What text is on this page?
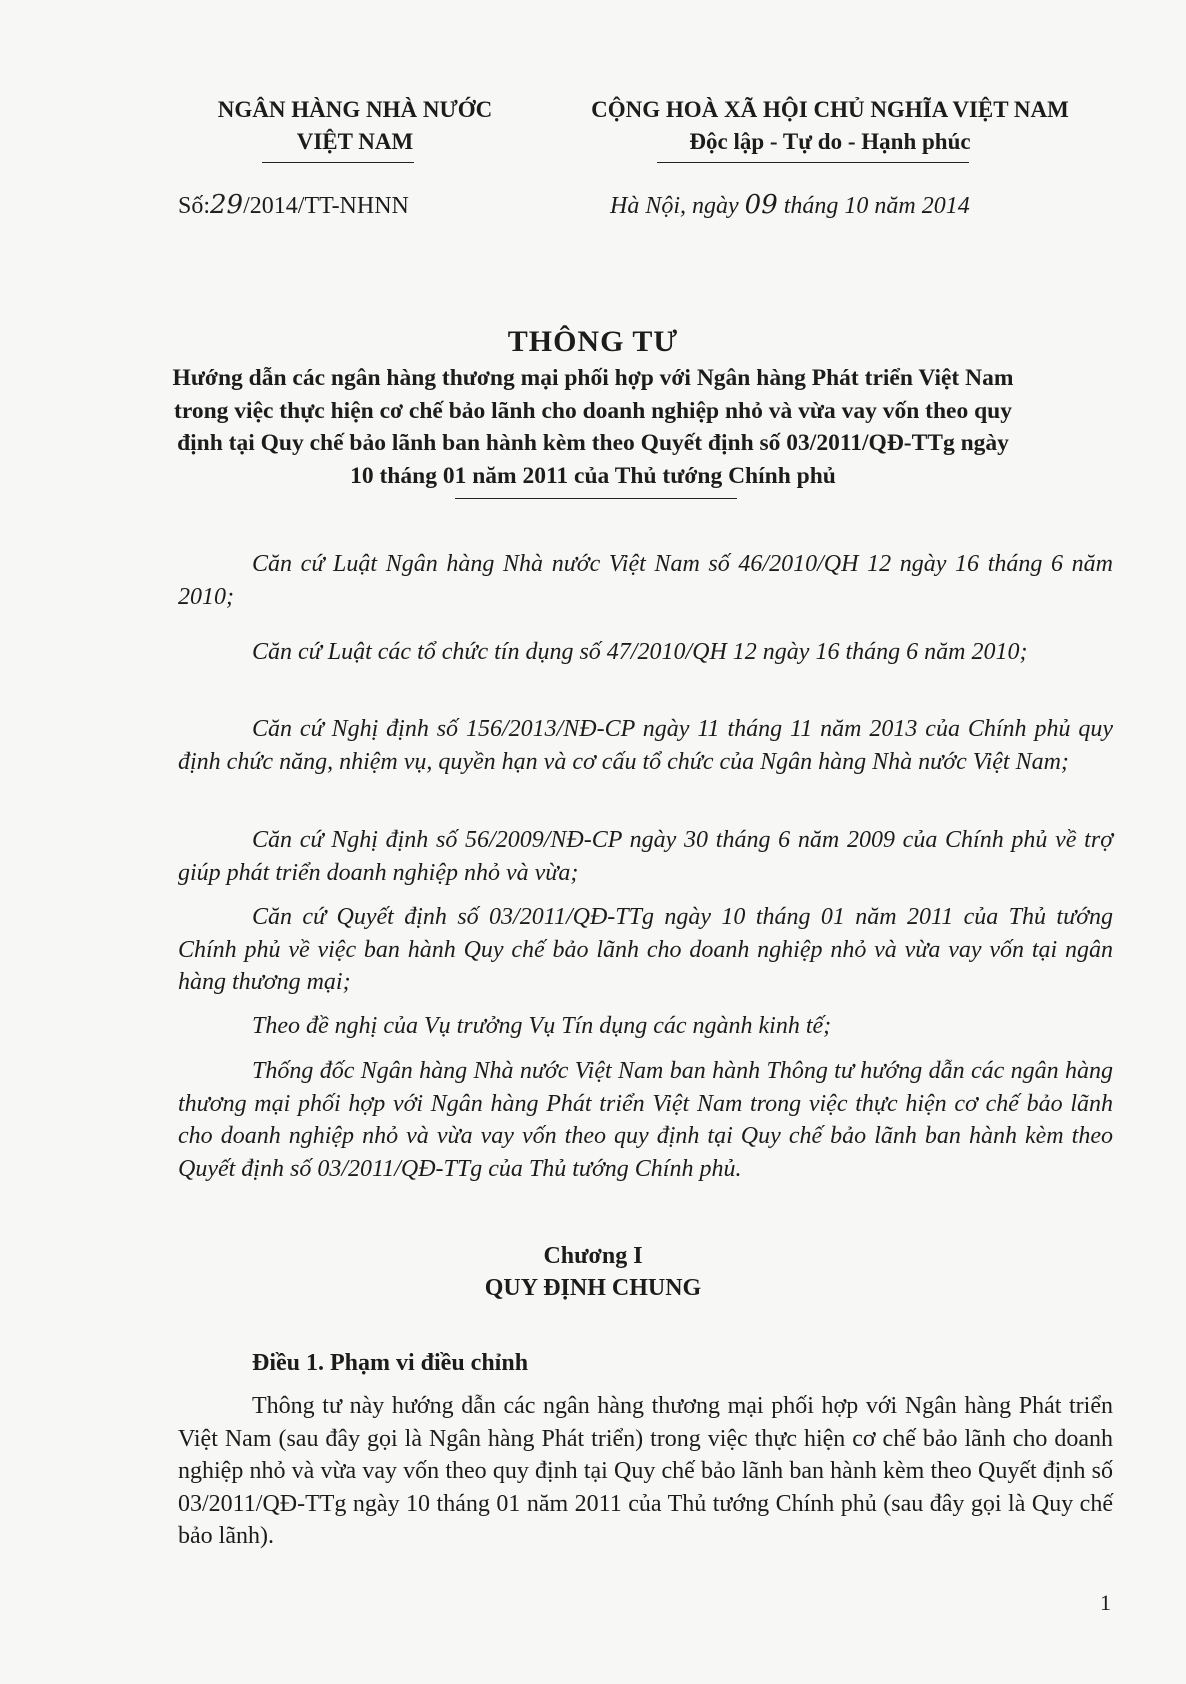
NGÂN HÀNG NHÀ NƯỚC
VIỆT NAM
CỘNG HOÀ XÃ HỘI CHỦ NGHĨA VIỆT NAM
Độc lập - Tự do - Hạnh phúc
Số:29/2014/TT-NHNN	Hà Nội, ngày 09 tháng 10 năm 2014
THÔNG TƯ
Hướng dẫn các ngân hàng thương mại phối hợp với Ngân hàng Phát triển Việt Nam trong việc thực hiện cơ chế bảo lãnh cho doanh nghiệp nhỏ và vừa vay vốn theo quy định tại Quy chế bảo lãnh ban hành kèm theo Quyết định số 03/2011/QĐ-TTg ngày 10 tháng 01 năm 2011 của Thủ tướng Chính phủ

Căn cứ Luật Ngân hàng Nhà nước Việt Nam số 46/2010/QH 12 ngày 16 tháng 6 năm 2010;

Căn cứ Luật các tổ chức tín dụng số 47/2010/QH 12 ngày 16 tháng 6 năm 2010;

Căn cứ Nghị định số 156/2013/NĐ-CP ngày 11 tháng 11 năm 2013 của Chính phủ quy định chức năng, nhiệm vụ, quyền hạn và cơ cấu tổ chức của Ngân hàng Nhà nước Việt Nam;

Căn cứ Nghị định số 56/2009/NĐ-CP ngày 30 tháng 6 năm 2009 của Chính phủ về trợ giúp phát triển doanh nghiệp nhỏ và vừa;

Căn cứ Quyết định số 03/2011/QĐ-TTg ngày 10 tháng 01 năm 2011 của Thủ tướng Chính phủ về việc ban hành Quy chế bảo lãnh cho doanh nghiệp nhỏ và vừa vay vốn tại ngân hàng thương mại;

Theo đề nghị của Vụ trưởng Vụ Tín dụng các ngành kinh tế;

Thống đốc Ngân hàng Nhà nước Việt Nam ban hành Thông tư hướng dẫn các ngân hàng thương mại phối hợp với Ngân hàng Phát triển Việt Nam trong việc thực hiện cơ chế bảo lãnh cho doanh nghiệp nhỏ và vừa vay vốn theo quy định tại Quy chế bảo lãnh ban hành kèm theo Quyết định số 03/2011/QĐ-TTg của Thủ tướng Chính phủ.

Chương I
QUY ĐỊNH CHUNG
Điều 1. Phạm vi điều chỉnh

Thông tư này hướng dẫn các ngân hàng thương mại phối hợp với Ngân hàng Phát triển Việt Nam (sau đây gọi là Ngân hàng Phát triển) trong việc thực hiện cơ chế bảo lãnh cho doanh nghiệp nhỏ và vừa vay vốn theo quy định tại Quy chế bảo lãnh ban hành kèm theo Quyết định số 03/2011/QĐ-TTg ngày 10 tháng 01 năm 2011 của Thủ tướng Chính phủ (sau đây gọi là Quy chế bảo lãnh).

1
